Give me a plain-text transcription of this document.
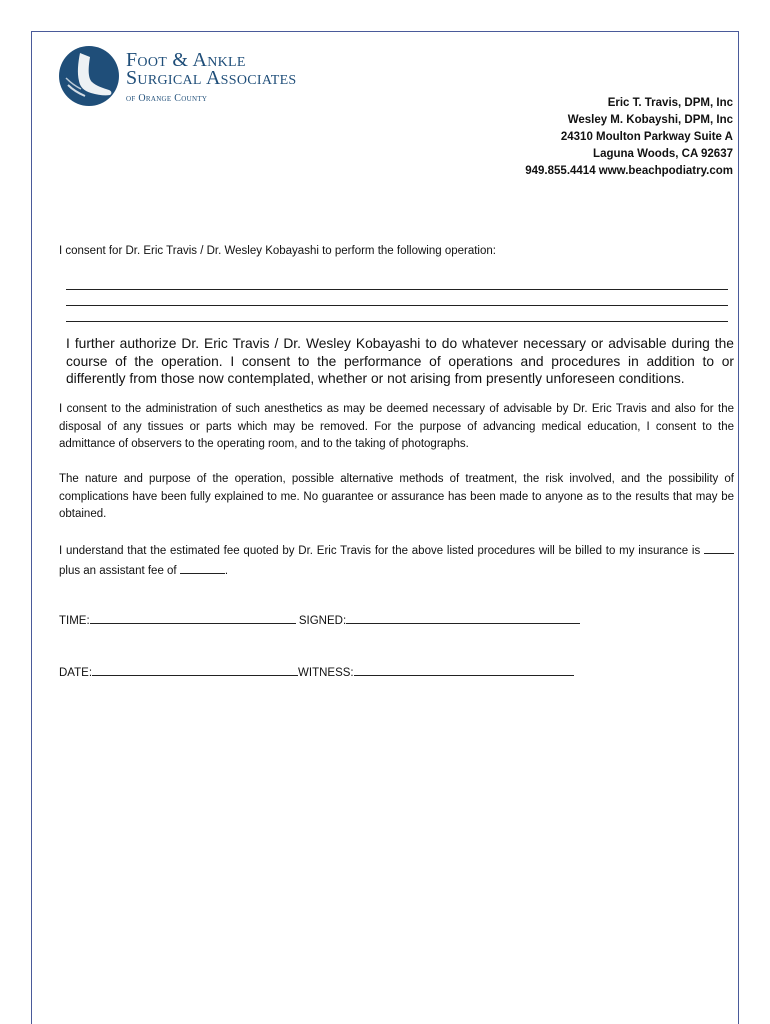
Foot & Ankle
Surgical Associates
of Orange County	Eric T. Travis, DPM, Inc
Wesley M. Kobayshi, DPM, Inc
24310 Moulton Parkway Suite A
Laguna Woods, CA 92637
949.855.4414 www.beachpodiatry.com
I consent for Dr. Eric Travis / Dr. Wesley Kobayashi to perform the following operation:
I further authorize Dr. Eric Travis / Dr. Wesley Kobayashi to do whatever necessary or advisable during the course of the operation. I consent to the performance of operations and procedures in addition to or differently from those now contemplated, whether or not arising from presently unforeseen conditions.
I consent to the administration of such anesthetics as may be deemed necessary of advisable by Dr. Eric Travis and also for the disposal of any tissues or parts which may be removed. For the purpose of advancing medical education, I consent to the admittance of observers to the operating room, and to the taking of photographs.
The nature and purpose of the operation, possible alternative methods of treatment, the risk involved, and the possibility of complications have been fully explained to me. No guarantee or assurance has been made to anyone as to the results that may be obtained.
I understand that the estimated fee quoted by Dr. Eric Travis for the above listed procedures will be billed to my insurance is  plus an assistant fee of	.
TIME:	SIGNED:
DATE:	WITNESS:
